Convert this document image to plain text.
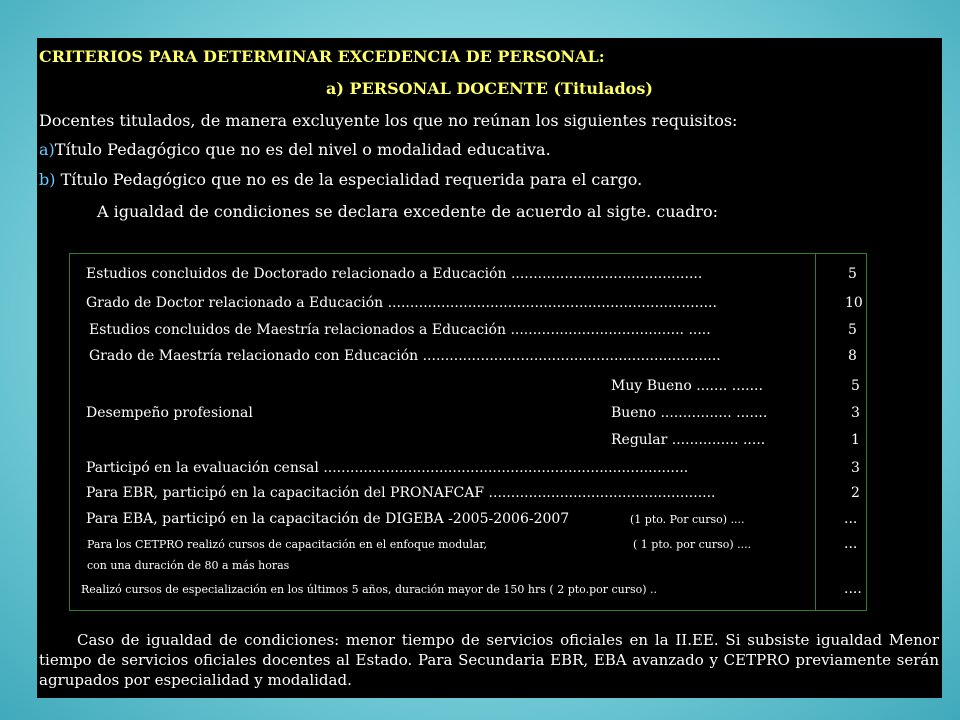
CRITERIOS PARA DETERMINAR EXCEDENCIA DE PERSONAL:
a) PERSONAL DOCENTE (Titulados)
Docentes titulados, de manera excluyente los que no reúnan los siguientes requisitos:
a)Título Pedagógico que no es del nivel o modalidad educativa.
b) Título Pedagógico que no es de la especialidad requerida para el cargo.
A igualdad de condiciones se declara excedente de acuerdo al sigte. cuadro:
Estudios concluidos de Doctorado relacionado a Educación ...........................................	5
Grado de Doctor relacionado a Educación ..........................................................................	10
Estudios concluidos de Maestría relacionados a Educación ....................................... .....	5
Grado de Maestría relacionado con Educación ...................................................................	8
Muy Bueno ....... .......	5
Desempeño profesional	Bueno ................ .......	3
Regular ............... .....	1
Participó en la evaluación censal ..................................................................................	3
Para EBR, participó en la capacitación del PRONAFCAF ...................................................	2
Para EBA, participó en la capacitación de DIGEBA -2005-2006-2007	(1 pto. Por curso) ....	...
Para los CETPRO realizó cursos de capacitación en el enfoque modular,	( 1 pto. por curso) ....	...
con una duración de 80 a más horas
Realizó cursos de especialización en los últimos 5 años, duración mayor de 150 hrs ( 2 pto.por curso) ..	....
Caso de igualdad de condiciones: menor tiempo de servicios oficiales en la II.EE. Si subsiste igualdad Menor tiempo de servicios oficiales docentes al Estado. Para Secundaria EBR, EBA avanzado y CETPRO previamente serán agrupados por especialidad y modalidad.
